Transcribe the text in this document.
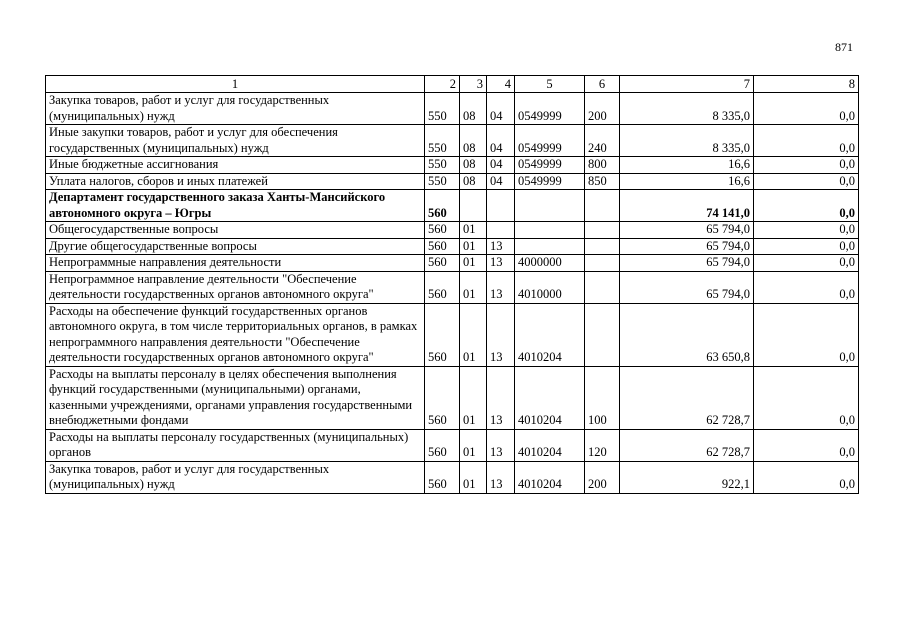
871
1	2	3	4	5	6	7	8
Закупка товаров, работ и услуг для государственных (муниципальных) нужд	550	08	04	0549999	200	8 335,0	0,0
Иные закупки товаров, работ и услуг для обеспечения государственных (муниципальных) нужд	550	08	04	0549999	240	8 335,0	0,0
Иные бюджетные ассигнования	550	08	04	0549999	800	16,6	0,0
Уплата налогов, сборов и иных платежей	550	08	04	0549999	850	16,6	0,0
Департамент государственного заказа Ханты-Мансийского автономного округа – Югры	560					74 141,0	0,0
Общегосударственные вопросы	560	01				65 794,0	0,0
Другие общегосударственные вопросы	560	01	13			65 794,0	0,0
Непрограммные направления деятельности	560	01	13	4000000		65 794,0	0,0
Непрограммное направление деятельности "Обеспечение деятельности государственных органов автономного округа"	560	01	13	4010000		65 794,0	0,0
Расходы на обеспечение функций государственных органов автономного округа, в том числе территориальных органов, в рамках непрограммного направления деятельности "Обеспечение деятельности государственных органов автономного округа"	560	01	13	4010204		63 650,8	0,0
Расходы на выплаты персоналу в целях обеспечения выполнения функций государственными (муниципальными) органами, казенными учреждениями, органами управления государственными внебюджетными фондами	560	01	13	4010204	100	62 728,7	0,0
Расходы на выплаты персоналу государственных (муниципальных) органов	560	01	13	4010204	120	62 728,7	0,0
Закупка товаров, работ и услуг для государственных (муниципальных) нужд	560	01	13	4010204	200	922,1	0,0
